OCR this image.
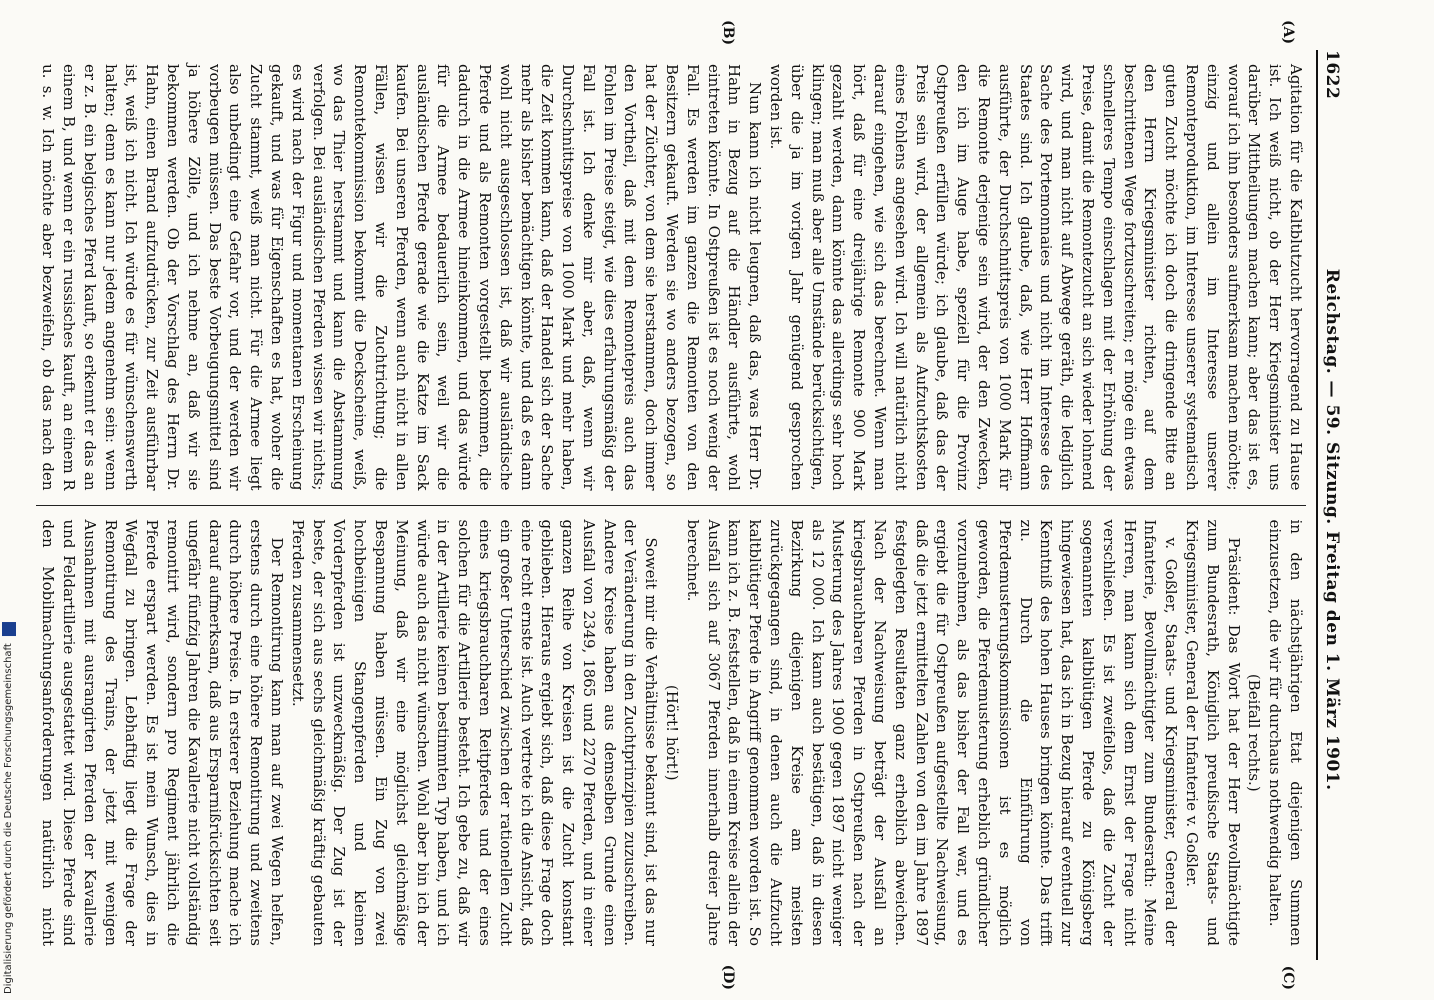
1622
Reichstag. — 59. Sitzung. Freitag den 1. März 1901.
(A)
(B)
(C)
(D)

Agitation für die Kaltblutzucht hervorragend zu Hause ist. Ich weiß nicht, ob der Herr Kriegsminister uns darüber Mittheilungen machen kann; aber das ist es, worauf ich ihn besonders aufmerksam machen möchte; einzig und allein im Interesse unserer Remonteproduktion, im Interesse unserer systematisch guten Zucht möchte ich doch die dringende Bitte an den Herrn Kriegsminister richten, auf dem beschrittenen Wege fortzuschreiten; er möge ein etwas schnelleres Tempo einschlagen mit der Erhöhung der Preise, damit die Remontezucht an sich wieder lohnend wird, und man nicht auf Abwege geräth, die lediglich Sache des Portemonnaies und nicht im Interesse des Staates sind. Ich glaube, daß, wie Herr Hoffmann ausführte, der Durchschnittspreis von 1000 Mark für die Remonte derjenige sein wird, der den Zwecken, den ich im Auge habe, speziell für die Provinz Ostpreußen erfüllen würde; ich glaube, daß das der Preis sein wird, der allgemein als Aufzuchtskosten eines Fohlens angesehen wird. Ich will natürlich nicht darauf eingehen, wie sich das berechnet. Wenn man hört, daß für eine dreijährige Remonte 900 Mark gezahlt werden, dann könnte das allerdings sehr hoch klingen; man muß aber alle Umstände berücksichtigen, über die ja im vorigen Jahr genügend gesprochen worden ist.

Nun kann ich nicht leugnen, daß das, was Herr Dr. Hahn in Bezug auf die Händler ausführte, wohl eintreten könnte. In Ostpreußen ist es noch wenig der Fall. Es werden im ganzen die Remonten von den Besitzern gekauft. Werden sie wo anders bezogen, so hat der Züchter, von dem sie herstammen, doch immer den Vortheil, daß mit dem Remontepreis auch das Fohlen im Preise steigt, wie dies erfahrungsmäßig der Fall ist. Ich denke mir aber, daß, wenn wir Durchschnittspreise von 1000 Mark und mehr haben, die Zeit kommen kann, daß der Handel sich der Sache mehr als bisher bemächtigen könnte, und daß es dann wohl nicht ausgeschlossen ist, daß wir ausländische Pferde und als Remonten vorgestellt bekommen, die dadurch in die Armee hineinkommen, und das würde für die Armee bedauerlich sein, weil wir die ausländischen Pferde gerade wie die Katze im Sack kaufen. Bei unseren Pferden, wenn auch nicht in allen Fällen, wissen wir die Zuchtrichtung; die Remontekommission bekommt die Deckscheine, weiß, wo das Thier herstammt und kann die Abstammung verfolgen. Bei ausländischen Pferden wissen wir nichts; es wird nach der Figur und momentanen Erscheinung gekauft, und was für Eigenschaften es hat, woher die Zucht stammt, weiß man nicht. Für die Armee liegt also unbedingt eine Gefahr vor, und der werden wir vorbeugen müssen. Das beste Vorbeugungsmittel sind ja höhere Zölle, und ich nehme an, daß wir sie bekommen werden. Ob der Vorschlag des Herrn Dr. Hahn, einen Brand aufzudrücken, zur Zeit ausführbar ist, weiß ich nicht. Ich würde es für wünschenswerth halten; denn es kann nur jedem angenehm sein: wenn er z. B. ein belgisches Pferd kauft, so erkennt er das an einem B, und wenn er ein russisches kauft, an einem R u. s. w. Ich möchte aber bezweifeln, ob das nach den

in den nächstjährigen Etat diejenigen Summen einzusetzen, die wir für durchaus nothwendig halten.

(Beifall rechts.)

Präsident: Das Wort hat der Herr Bevollmächtigte zum Bundesrath, Königlich preußische Staats- und Kriegsminister, General der Infanterie v. Goßler.

v. Goßler, Staats- und Kriegsminister, General der Infanterie, Bevollmächtigter zum Bundesrath: Meine Herren, man kann sich dem Ernst der Frage nicht verschließen. Es ist zweifellos, daß die Zucht der sogenannten kaltblütigen Pferde zu Königsberg hingewiesen hat, das ich in Bezug hierauf eventuell zur Kenntniß des hohen Hauses bringen könnte. Das trifft zu. Durch die Einführung von Pferdemusterungskommissionen ist es möglich geworden, die Pferdemusterung erheblich gründlicher vorzunehmen, als das bisher der Fall war, und es ergiebt die für Ostpreußen aufgestellte Nachweisung, daß die jetzt ermittelten Zahlen von den im Jahre 1897 festgelegten Resultaten ganz erheblich abweichen. Nach der Nachweisung beträgt der Ausfall an kriegsbrauchbaren Pferden in Ostpreußen nach der Musterung des Jahres 1900 gegen 1897 nicht weniger als 12 000. Ich kann auch bestätigen, daß in diesen Bezirkung diejenigen Kreise am meisten zurückgegangen sind, in denen auch die Aufzucht kaltblütiger Pferde in Angriff genommen worden ist. So kann ich z. B. feststellen, daß in einem Kreise allein der Ausfall sich auf 3067 Pferden innerhalb dreier Jahre berechnet.

(Hört! hört!)

Soweit mir die Verhältnisse bekannt sind, ist das nur der Veränderung in den Zuchtprinzipien zuzuschreiben. Andere Kreise haben aus demselben Grunde einen Ausfall von 2349, 1865 und 2270 Pferden, und in einer ganzen Reihe von Kreisen ist die Zucht konstant geblieben. Hieraus ergiebt sich, daß diese Frage doch eine recht ernste ist. Auch vertrete ich die Ansicht, daß ein großer Unterschied zwischen der rationellen Zucht eines kriegsbrauchbaren Reitpferdes und der eines solchen für die Artillerie besteht. Ich gebe zu, daß wir in der Artillerie keinen bestimmten Typ haben, und ich würde auch das nicht wünschen. Wohl aber bin ich der Meinung, daß wir eine möglichst gleichmäßige Bespannung haben müssen. Ein Zug von zwei hochbeinigen Stangenpferden und kleinen Vorderpferden ist unzweckmäßig. Der Zug ist der beste, der sich aus sechs gleichmäßig kräftig gebauten Pferden zusammensetzt.

Der Remontirung kann man auf zwei Wegen helfen, erstens durch eine höhere Remontirung und zweitens durch höhere Preise. In ersterer Beziehung mache ich darauf aufmerksam, daß aus Ersparnißrücksichten seit ungefähr fünfzig Jahren die Kavallerie nicht vollständig remontirt wird, sondern pro Regiment jährlich die Pferde erspart werden. Es ist mein Wunsch, dies in Wegfall zu bringen. Lebhaftig liegt die Frage der Remontirung des Trains, der jetzt mit wenigen Ausnahmen mit ausrangirten Pferden der Kavallerie und Feldartillerie ausgestattet wird. Diese Pferde sind den Mobilmachungsanforderungen natürlich nicht

Digitalisierung gefördert durch die Deutsche Forschungsgemeinschaft
